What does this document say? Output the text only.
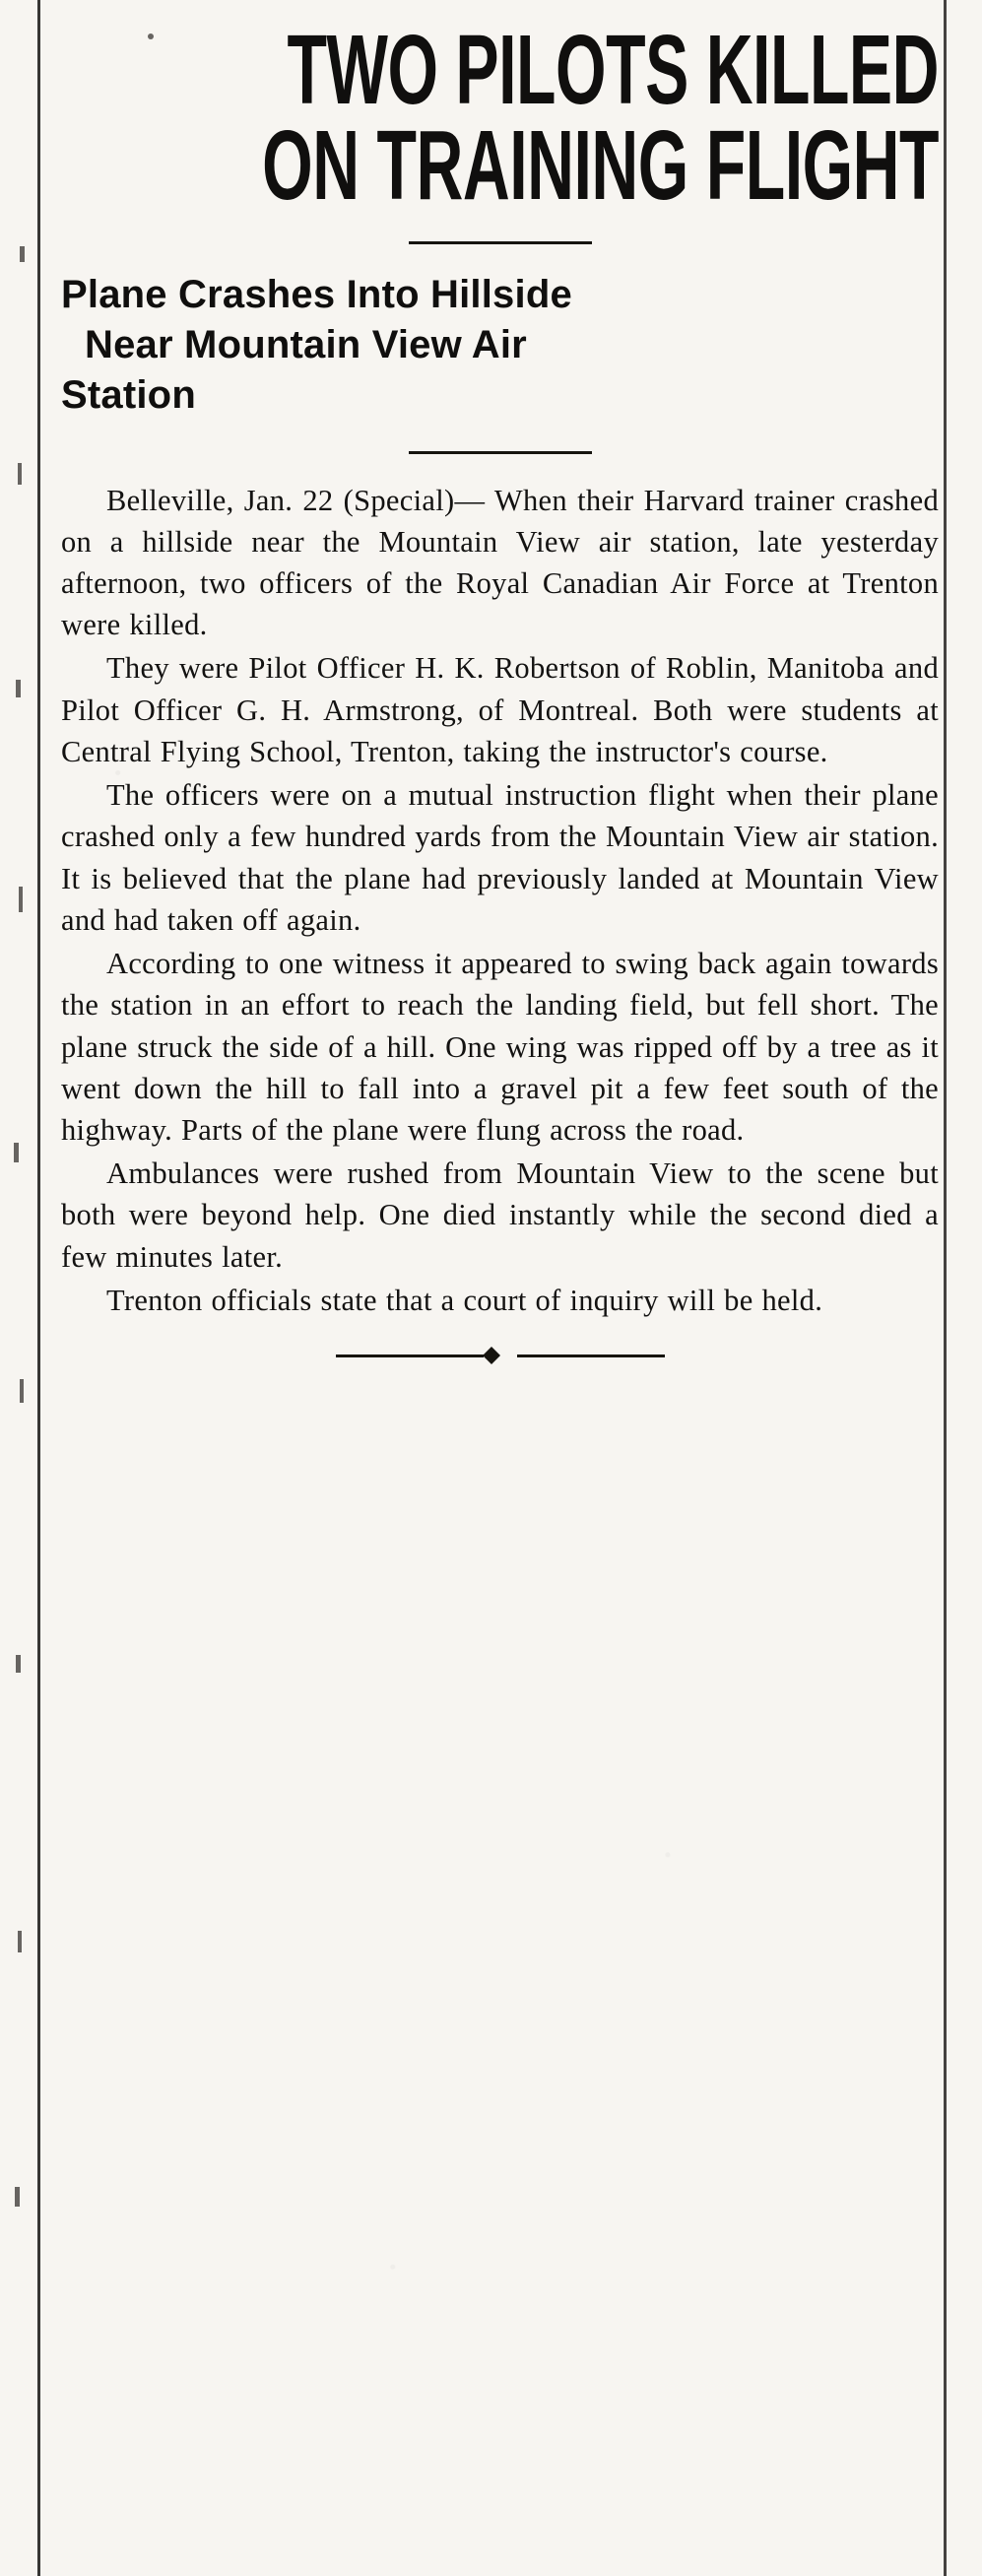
TWO PILOTS KILLED
ON TRAINING FLIGHT
Plane Crashes Into Hillside
Near Mountain View Air
Station

Belleville, Jan. 22 (Special)— When their Harvard trainer crashed on a hillside near the Mountain View air station, late yesterday afternoon, two officers of the Royal Canadian Air Force at Trenton were killed.

They were Pilot Officer H. K. Robertson of Roblin, Manitoba and Pilot Officer G. H. Armstrong, of Montreal. Both were students at Central Flying School, Trenton, taking the instructor's course.

The officers were on a mutual instruction flight when their plane crashed only a few hundred yards from the Mountain View air station. It is believed that the plane had previously landed at Mountain View and had taken off again.

According to one witness it appeared to swing back again towards the station in an effort to reach the landing field, but fell short. The plane struck the side of a hill. One wing was ripped off by a tree as it went down the hill to fall into a gravel pit a few feet south of the highway. Parts of the plane were flung across the road.

Ambulances were rushed from Mountain View to the scene but both were beyond help. One died instantly while the second died a few minutes later.

Trenton officials state that a court of inquiry will be held.
